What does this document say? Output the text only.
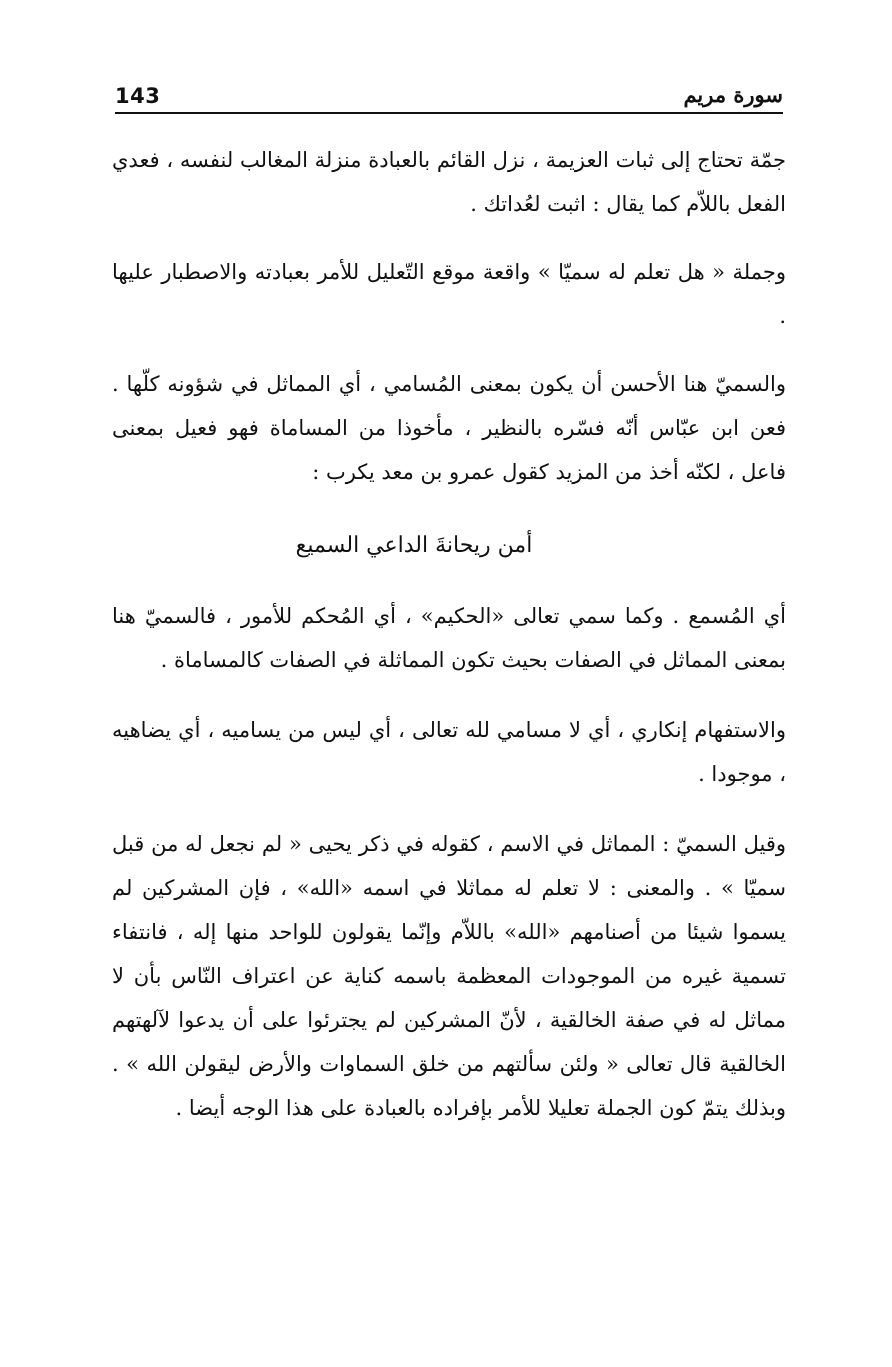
143	سورة مريم

جمّة تحتاج إلى ثبات العزيمة ، نزل القائم بالعبادة منزلة المغالب لنفسه ، فعدي الفعل باللاّم كما يقال : اثبت لعُداتك .

وجملة « هل تعلم له سميّا » واقعة موقع التّعليل للأمر بعبادته والاصطبار عليها .

والسميّ هنا الأحسن أن يكون بمعنى المُسامي ، أي المماثل في شؤونه كلّها . فعن ابن عبّاس أنّه فسّره بالنظير ، مأخوذا من المساماة فهو فعيل بمعنى فاعل ، لكنّه أخذ من المزيد كقول عمرو بن معد يكرب :

أمن ريحانةَ الداعي السميع

أي المُسمع . وكما سمي تعالى «الحكيم» ، أي المُحكم للأمور ، فالسميّ هنا بمعنى المماثل في الصفات بحيث تكون المماثلة في الصفات كالمساماة .

والاستفهام إنكاري ، أي لا مسامي لله تعالى ، أي ليس من يساميه ، أي يضاهيه ، موجودا .

وقيل السميّ : المماثل في الاسم ، كقوله في ذكر يحيى « لم نجعل له من قبل سميّا » . والمعنى : لا تعلم له مماثلا في اسمه «الله» ، فإن المشركين لم يسموا شيئا من أصنامهم «الله» باللاّم وإنّما يقولون للواحد منها إله ، فانتفاء تسمية غيره من الموجودات المعظمة باسمه كناية عن اعتراف النّاس بأن لا مماثل له في صفة الخالقية ، لأنّ المشركين لم يجترئوا على أن يدعوا لآلهتهم الخالقية قال تعالى « ولئن سألتهم من خلق السماوات والأرض ليقولن الله » . وبذلك يتمّ كون الجملة تعليلا للأمر بإفراده بالعبادة على هذا الوجه أيضا .
